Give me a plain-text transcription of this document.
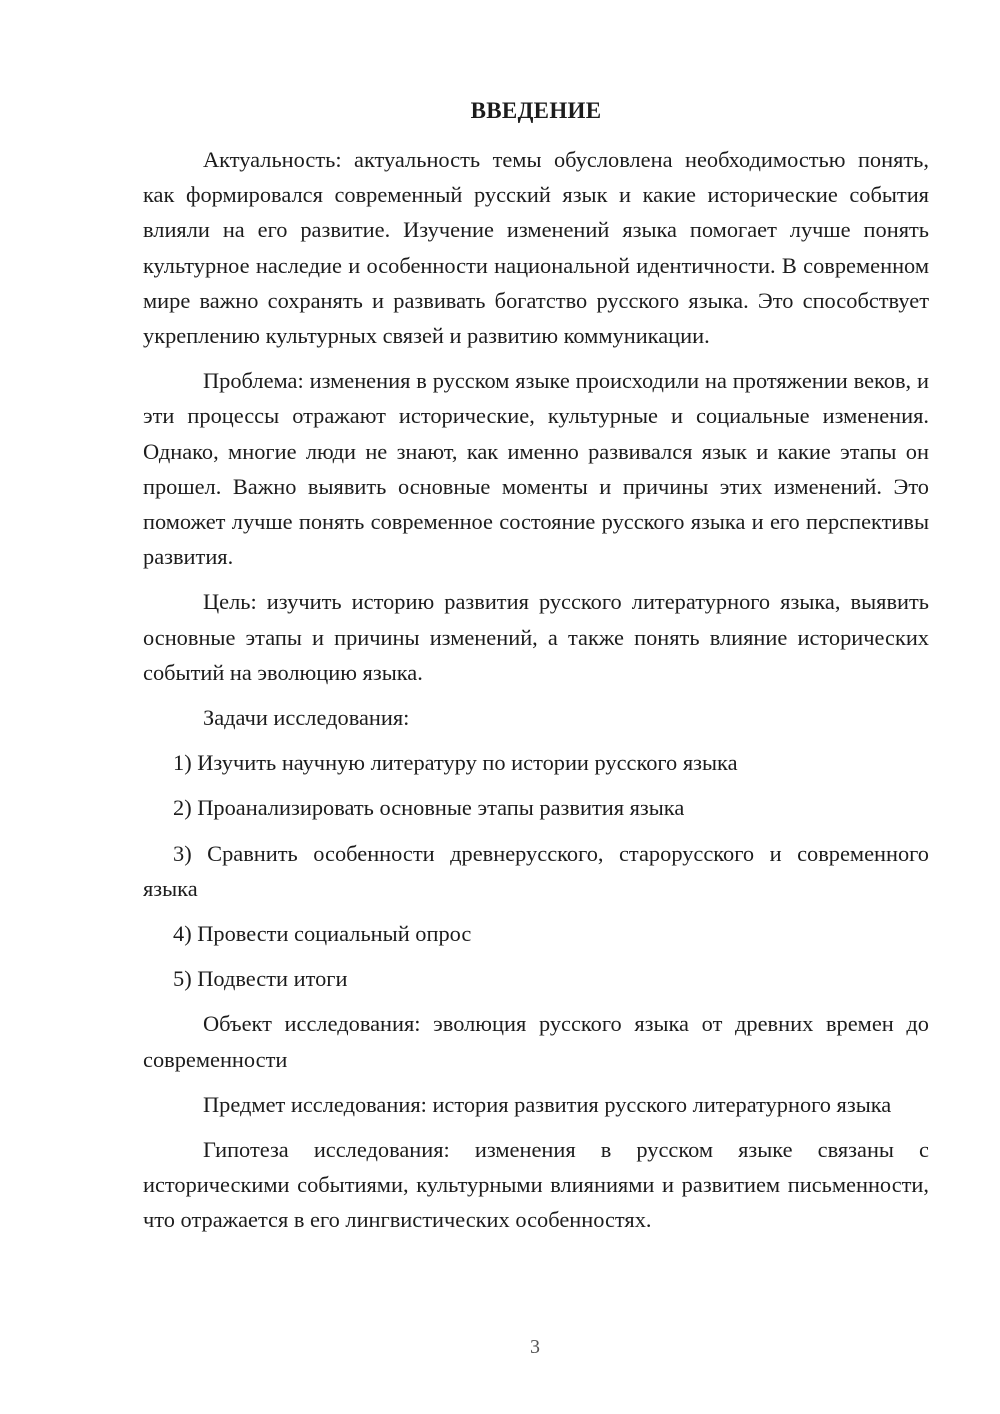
ВВЕДЕНИЕ

Актуальность: актуальность темы обусловлена необходимостью понять, как формировался современный русский язык и какие исторические события влияли на его развитие. Изучение изменений языка помогает лучше понять культурное наследие и особенности национальной идентичности. В современном мире важно сохранять и развивать богатство русского языка. Это способствует укреплению культурных связей и развитию коммуникации.

Проблема: изменения в русском языке происходили на протяжении веков, и эти процессы отражают исторические, культурные и социальные изменения. Однако, многие люди не знают, как именно развивался язык и какие этапы он прошел. Важно выявить основные моменты и причины этих изменений. Это поможет лучше понять современное состояние русского языка и его перспективы развития.

Цель: изучить историю развития русского литературного языка, выявить основные этапы и причины изменений, а также понять влияние исторических событий на эволюцию языка.

Задачи исследования:

1) Изучить научную литературу по истории русского языка

2) Проанализировать основные этапы развития языка

3) Сравнить особенности древнерусского, старорусского и современного языка

4) Провести социальный опрос

5) Подвести итоги

Объект исследования: эволюция русского языка от древних времен до современности

Предмет исследования: история развития русского литературного языка

Гипотеза исследования: изменения в русском языке связаны с историческими событиями, культурными влияниями и развитием письменности, что отражается в его лингвистических особенностях.

3
